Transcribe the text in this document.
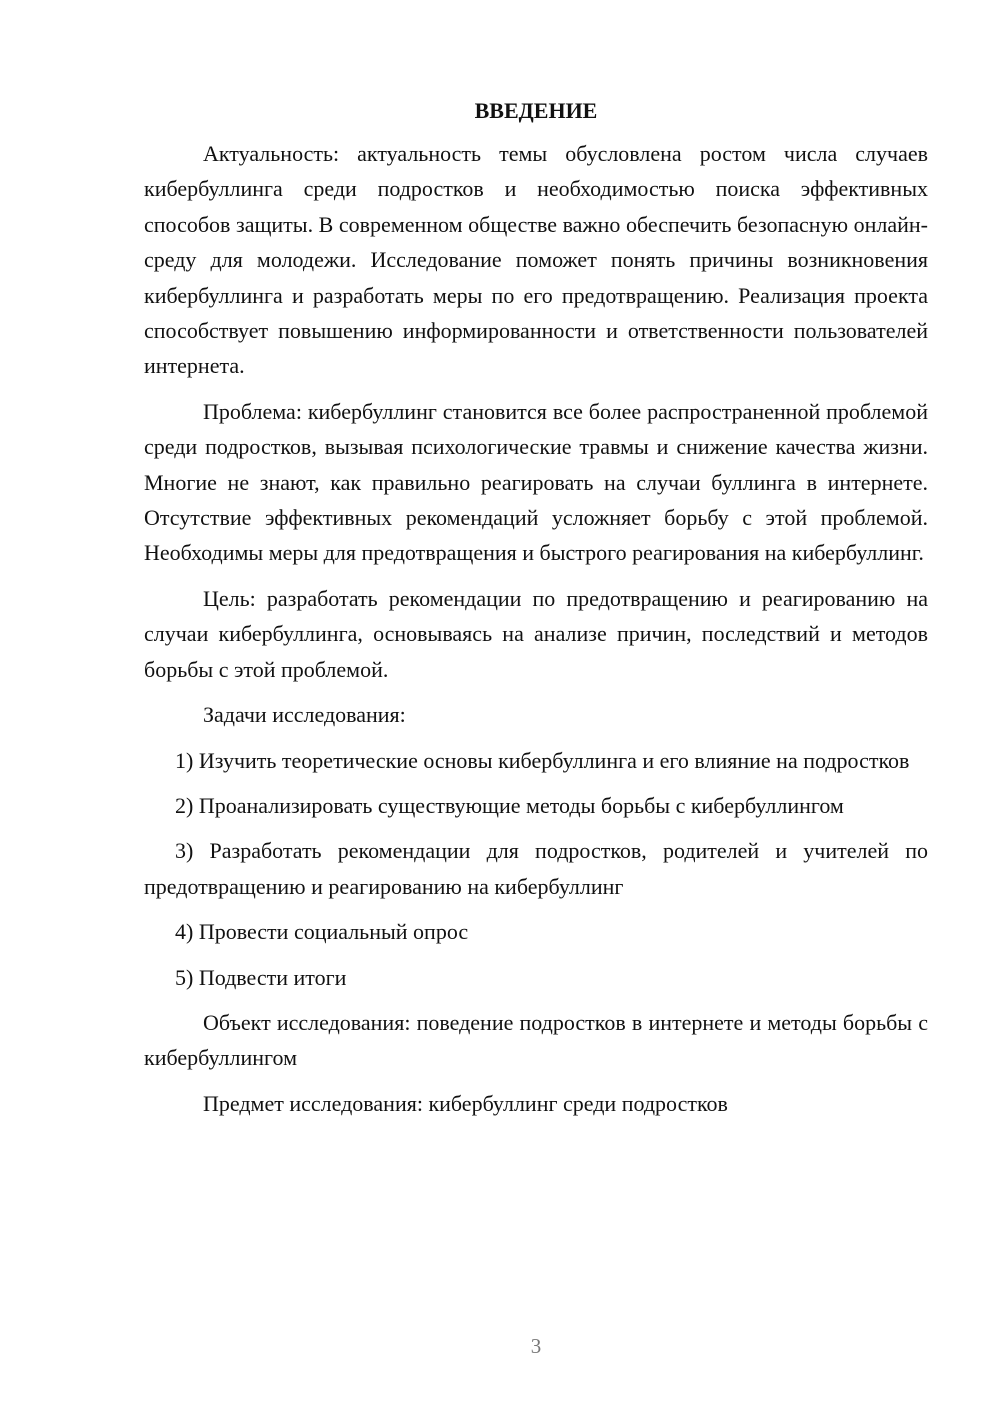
ВВЕДЕНИЕ

Актуальность: актуальность темы обусловлена ростом числа случаев кибербуллинга среди подростков и необходимостью поиска эффективных способов защиты. В современном обществе важно обеспечить безопасную онлайн-среду для молодежи. Исследование поможет понять причины возникновения кибербуллинга и разработать меры по его предотвращению. Реализация проекта способствует повышению информированности и ответственности пользователей интернета.

Проблема: кибербуллинг становится все более распространенной проблемой среди подростков, вызывая психологические травмы и снижение качества жизни. Многие не знают, как правильно реагировать на случаи буллинга в интернете. Отсутствие эффективных рекомендаций усложняет борьбу с этой проблемой. Необходимы меры для предотвращения и быстрого реагирования на кибербуллинг.

Цель: разработать рекомендации по предотвращению и реагированию на случаи кибербуллинга, основываясь на анализе причин, последствий и методов борьбы с этой проблемой.

Задачи исследования:

1) Изучить теоретические основы кибербуллинга и его влияние на подростков

2) Проанализировать существующие методы борьбы с кибербуллингом

3) Разработать рекомендации для подростков, родителей и учителей по предотвращению и реагированию на кибербуллинг

4) Провести социальный опрос

5) Подвести итоги

Объект исследования: поведение подростков в интернете и методы борьбы с кибербуллингом

Предмет исследования: кибербуллинг среди подростков

3
